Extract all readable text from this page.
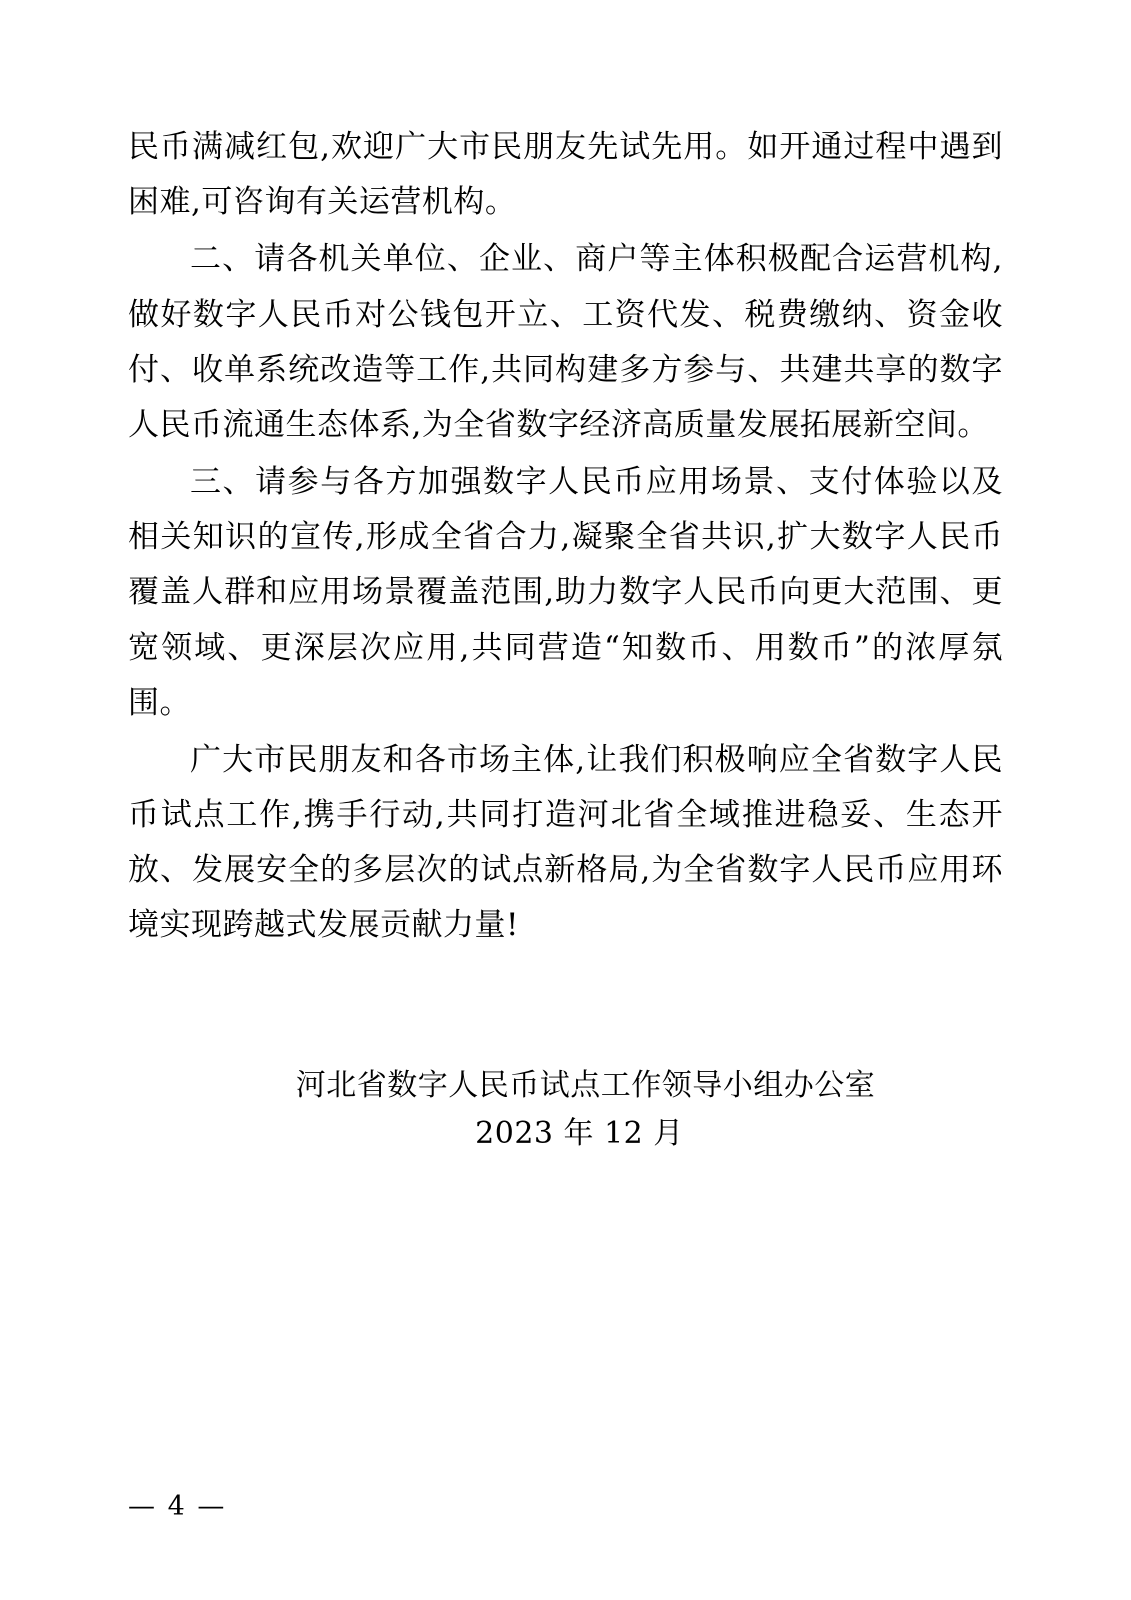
民币满减红包,欢迎广大市民朋友先试先用。如开通过程中遇到困难,可咨询有关运营机构。

二、请各机关单位、企业、商户等主体积极配合运营机构,做好数字人民币对公钱包开立、工资代发、税费缴纳、资金收付、收单系统改造等工作,共同构建多方参与、共建共享的数字人民币流通生态体系,为全省数字经济高质量发展拓展新空间。

三、请参与各方加强数字人民币应用场景、支付体验以及相关知识的宣传,形成全省合力,凝聚全省共识,扩大数字人民币覆盖人群和应用场景覆盖范围,助力数字人民币向更大范围、更宽领域、更深层次应用,共同营造“知数币、用数币”的浓厚氛围。

广大市民朋友和各市场主体,让我们积极响应全省数字人民币试点工作,携手行动,共同打造河北省全域推进稳妥、生态开放、发展安全的多层次的试点新格局,为全省数字人民币应用环境实现跨越式发展贡献力量!

河北省数字人民币试点工作领导小组办公室
2023 年 12 月
— 4 —
